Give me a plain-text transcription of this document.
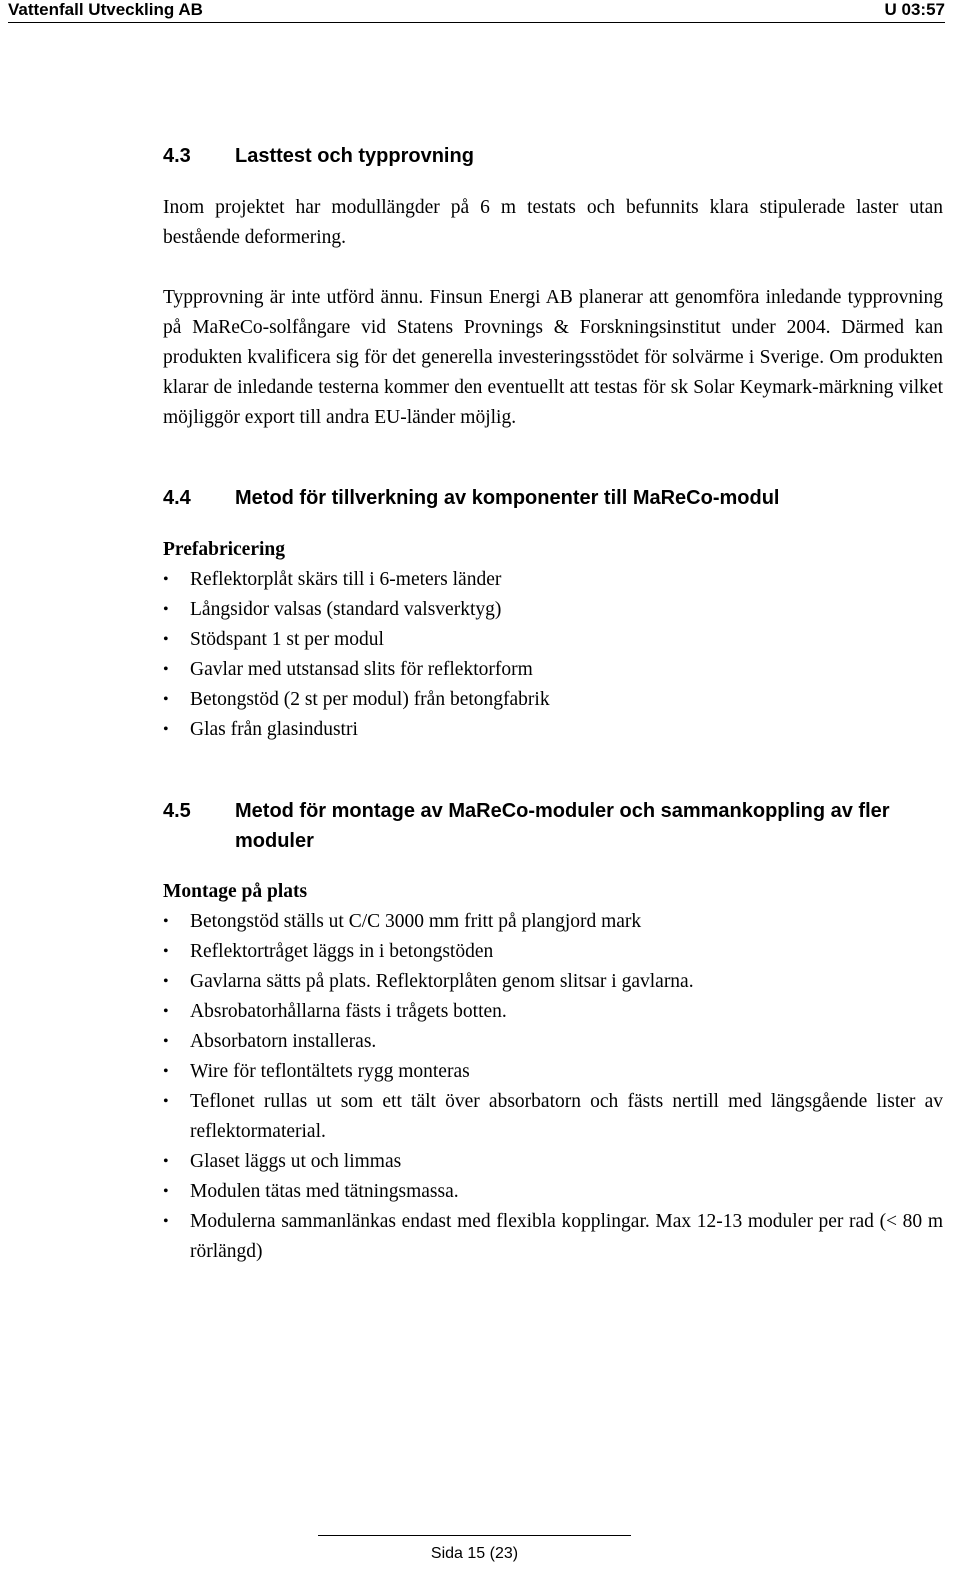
Vattenfall Utveckling AB	U 03:57
4.3 Lasttest och typprovning
Inom projektet har modullängder på 6 m testats och befunnits klara stipulerade laster utan bestående deformering.
Typprovning är inte utförd ännu. Finsun Energi AB planerar att genomföra inledande typprovning på MaReCo-solfångare vid Statens Provnings & Forskningsinstitut under 2004. Därmed kan produkten kvalificera sig för det generella investeringsstödet för solvärme i Sverige. Om produkten klarar de inledande testerna kommer den eventuellt att testas för sk Solar Keymark-märkning vilket möjliggör export till andra EU-länder möjlig.
4.4 Metod för tillverkning av komponenter till MaReCo-modul
Prefabricering
• Reflektorplåt skärs till i 6-meters länder
• Långsidor valsas (standard valsverktyg)
• Stödspant 1 st per modul
• Gavlar med utstansad slits för reflektorform
• Betongstöd (2 st per modul) från betongfabrik
• Glas från glasindustri
4.5 Metod för montage av MaReCo-moduler och sammankoppling av fler moduler
Montage på plats
• Betongstöd ställs ut C/C 3000 mm fritt på plangjord mark
• Reflektortråget läggs in i betongstöden
• Gavlarna sätts på plats. Reflektorplåten genom slitsar i gavlarna.
• Absrobatorhållarna fästs i trågets botten.
• Absorbatorn installeras.
• Wire för teflontältets rygg monteras
• Teflonet rullas ut som ett tält över absorbatorn och fästs nertill med längsgående lister av reflektormaterial.
• Glaset läggs ut och limmas
• Modulen tätas med tätningsmassa.
• Modulerna sammanlänkas endast med flexibla kopplingar. Max 12-13 moduler per rad (< 80 m rörlängd)
Sida 15 (23)
